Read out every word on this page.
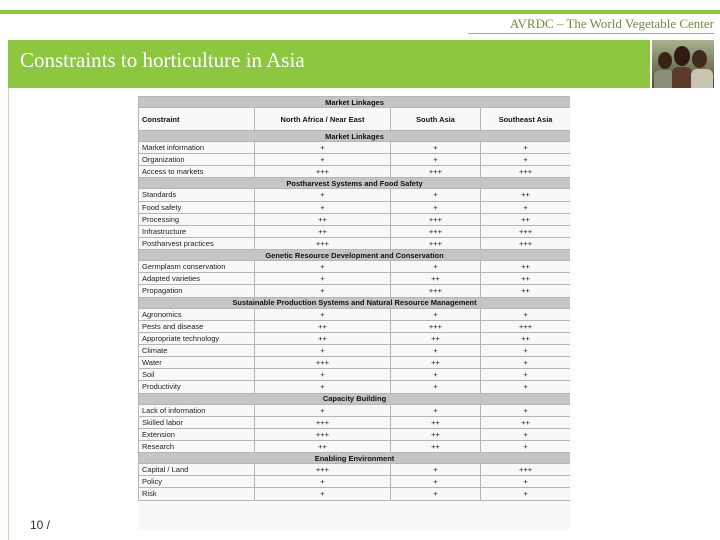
AVRDC – The World Vegetable Center
Constraints to horticulture in Asia
10 /
Market Linkages			
Constraint	North Africa / Near East	South Asia	Southeast Asia
Market Linkages			
Market information	+	+	+
Organization	+	+	+
Access to markets	+++	+++	+++
Postharvest Systems and Food Safety			
Standards	+	+	++
Food safety	+	+	+
Processing	++	+++	++
Infrastructure	++	+++	+++
Postharvest practices	+++	+++	+++
Genetic Resource Development and Conservation			
Germplasm conservation	+	+	++
Adapted varieties	+	++	++
Propagation	+	+++	++
Sustainable Production Systems and Natural Resource Management			
Agronomics	+	+	+
Pests and disease	++	+++	+++
Appropriate technology	++	++	++
Climate	+	+	+
Water	+++	++	+
Soil	+	+	+
Productivity	+	+	+
Capacity Building			
Lack of information	+	+	+
Skilled labor	+++	++	++
Extension	+++	++	+
Research	++	++	+
Enabling Environment			
Capital / Land	+++	+	+++
Policy	+	+	+
Risk	+	+	+
